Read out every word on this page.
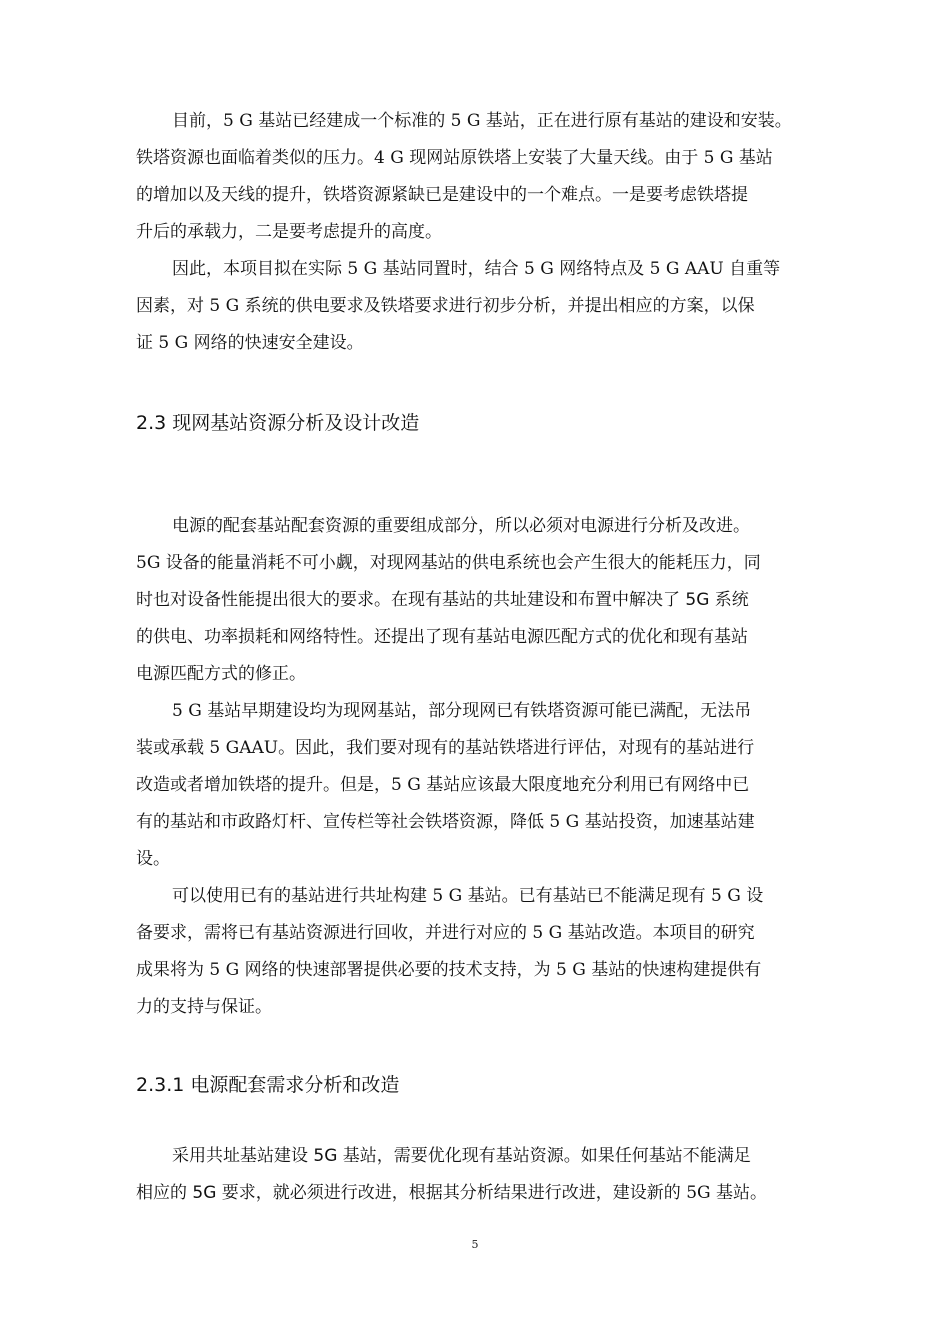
目前，5 G 基站已经建成一个标准的 5 G 基站，正在进行原有基站的建设和安装。
铁塔资源也面临着类似的压力。4 G 现网站原铁塔上安装了大量天线。由于 5 G 基站
的增加以及天线的提升，铁塔资源紧缺已是建设中的一个难点。一是要考虑铁塔提
升后的承载力，二是要考虑提升的高度。

因此，本项目拟在实际 5 G 基站同置时，结合 5 G 网络特点及 5 G AAU 自重等
因素，对 5 G 系统的供电要求及铁塔要求进行初步分析，并提出相应的方案，以保
证 5 G 网络的快速安全建设。

2.3 现网基站资源分析及设计改造

电源的配套基站配套资源的重要组成部分，所以必须对电源进行分析及改进。
5G 设备的能量消耗不可小觑，对现网基站的供电系统也会产生很大的能耗压力，同
时也对设备性能提出很大的要求。在现有基站的共址建设和布置中解决了 5G 系统
的供电、功率损耗和网络特性。还提出了现有基站电源匹配方式的优化和现有基站
电源匹配方式的修正。

5 G 基站早期建设均为现网基站，部分现网已有铁塔资源可能已满配，无法吊
装或承载 5 GAAU。因此，我们要对现有的基站铁塔进行评估，对现有的基站进行
改造或者增加铁塔的提升。但是，5 G 基站应该最大限度地充分利用已有网络中已
有的基站和市政路灯杆、宣传栏等社会铁塔资源，降低 5 G 基站投资，加速基站建
设。

可以使用已有的基站进行共址构建 5 G 基站。已有基站已不能满足现有 5 G 设
备要求，需将已有基站资源进行回收，并进行对应的 5 G 基站改造。本项目的研究
成果将为 5 G 网络的快速部署提供必要的技术支持，为 5 G 基站的快速构建提供有
力的支持与保证。

2.3.1 电源配套需求分析和改造

采用共址基站建设 5G 基站，需要优化现有基站资源。如果任何基站不能满足
相应的 5G 要求，就必须进行改进，根据其分析结果进行改进，建设新的 5G 基站。

5
